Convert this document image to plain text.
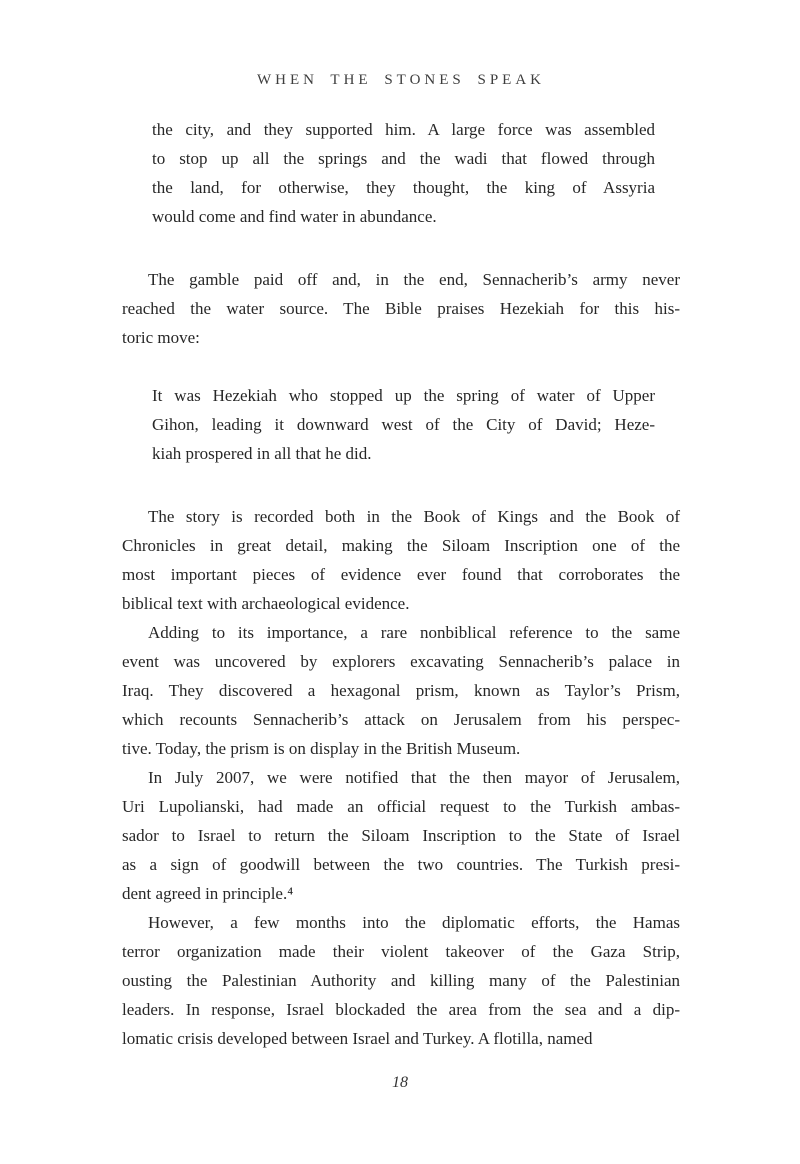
WHEN THE STONES SPEAK
the city, and they supported him. A large force was assembled
to stop up all the springs and the wadi that flowed through
the land, for otherwise, they thought, the king of Assyria
would come and find water in abundance.
The gamble paid off and, in the end, Sennacherib’s army never
reached the water source. The Bible praises Hezekiah for this his-
toric move:
It was Hezekiah who stopped up the spring of water of Upper
Gihon, leading it downward west of the City of David; Heze-
kiah prospered in all that he did.
The story is recorded both in the Book of Kings and the Book of
Chronicles in great detail, making the Siloam Inscription one of the
most important pieces of evidence ever found that corroborates the
biblical text with archaeological evidence.
Adding to its importance, a rare nonbiblical reference to the same
event was uncovered by explorers excavating Sennacherib’s palace in
Iraq. They discovered a hexagonal prism, known as Taylor’s Prism,
which recounts Sennacherib’s attack on Jerusalem from his perspec-
tive. Today, the prism is on display in the British Museum.
In July 2007, we were notified that the then mayor of Jerusalem,
Uri Lupolianski, had made an official request to the Turkish ambas-
sador to Israel to return the Siloam Inscription to the State of Israel
as a sign of goodwill between the two countries. The Turkish presi-
dent agreed in principle.⁴
However, a few months into the diplomatic efforts, the Hamas
terror organization made their violent takeover of the Gaza Strip,
ousting the Palestinian Authority and killing many of the Palestinian
leaders. In response, Israel blockaded the area from the sea and a dip-
lomatic crisis developed between Israel and Turkey. A flotilla, named
18
